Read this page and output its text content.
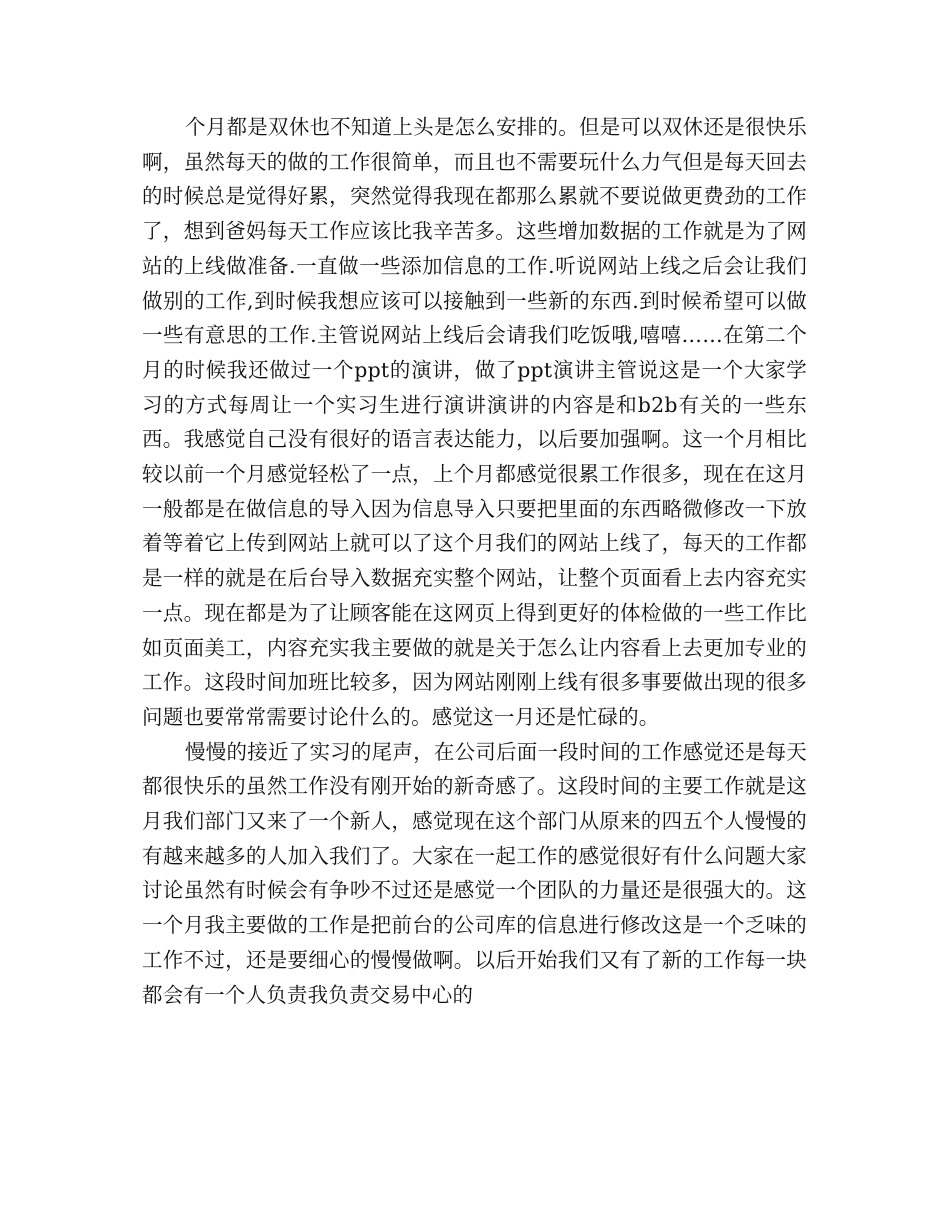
个月都是双休也不知道上头是怎么安排的。但是可以双休还是很快乐啊，虽然每天的做的工作很简单，而且也不需要玩什么力气但是每天回去的时候总是觉得好累，突然觉得我现在都那么累就不要说做更费劲的工作了，想到爸妈每天工作应该比我辛苦多。这些增加数据的工作就是为了网站的上线做准备.一直做一些添加信息的工作.听说网站上线之后会让我们做别的工作,到时候我想应该可以接触到一些新的东西.到时候希望可以做一些有意思的工作.主管说网站上线后会请我们吃饭哦,嘻嘻……在第二个月的时候我还做过一个ppt的演讲，做了ppt演讲主管说这是一个大家学习的方式每周让一个实习生进行演讲演讲的内容是和b2b有关的一些东西。我感觉自己没有很好的语言表达能力，以后要加强啊。这一个月相比较以前一个月感觉轻松了一点，上个月都感觉很累工作很多，现在在这月一般都是在做信息的导入因为信息导入只要把里面的东西略微修改一下放着等着它上传到网站上就可以了这个月我们的网站上线了，每天的工作都是一样的就是在后台导入数据充实整个网站，让整个页面看上去内容充实一点。现在都是为了让顾客能在这网页上得到更好的体检做的一些工作比如页面美工，内容充实我主要做的就是关于怎么让内容看上去更加专业的工作。这段时间加班比较多，因为网站刚刚上线有很多事要做出现的很多问题也要常常需要讨论什么的。感觉这一月还是忙碌的。

慢慢的接近了实习的尾声，在公司后面一段时间的工作感觉还是每天都很快乐的虽然工作没有刚开始的新奇感了。这段时间的主要工作就是这月我们部门又来了一个新人，感觉现在这个部门从原来的四五个人慢慢的有越来越多的人加入我们了。大家在一起工作的感觉很好有什么问题大家讨论虽然有时候会有争吵不过还是感觉一个团队的力量还是很强大的。这一个月我主要做的工作是把前台的公司库的信息进行修改这是一个乏味的工作不过，还是要细心的慢慢做啊。以后开始我们又有了新的工作每一块都会有一个人负责我负责交易中心的
